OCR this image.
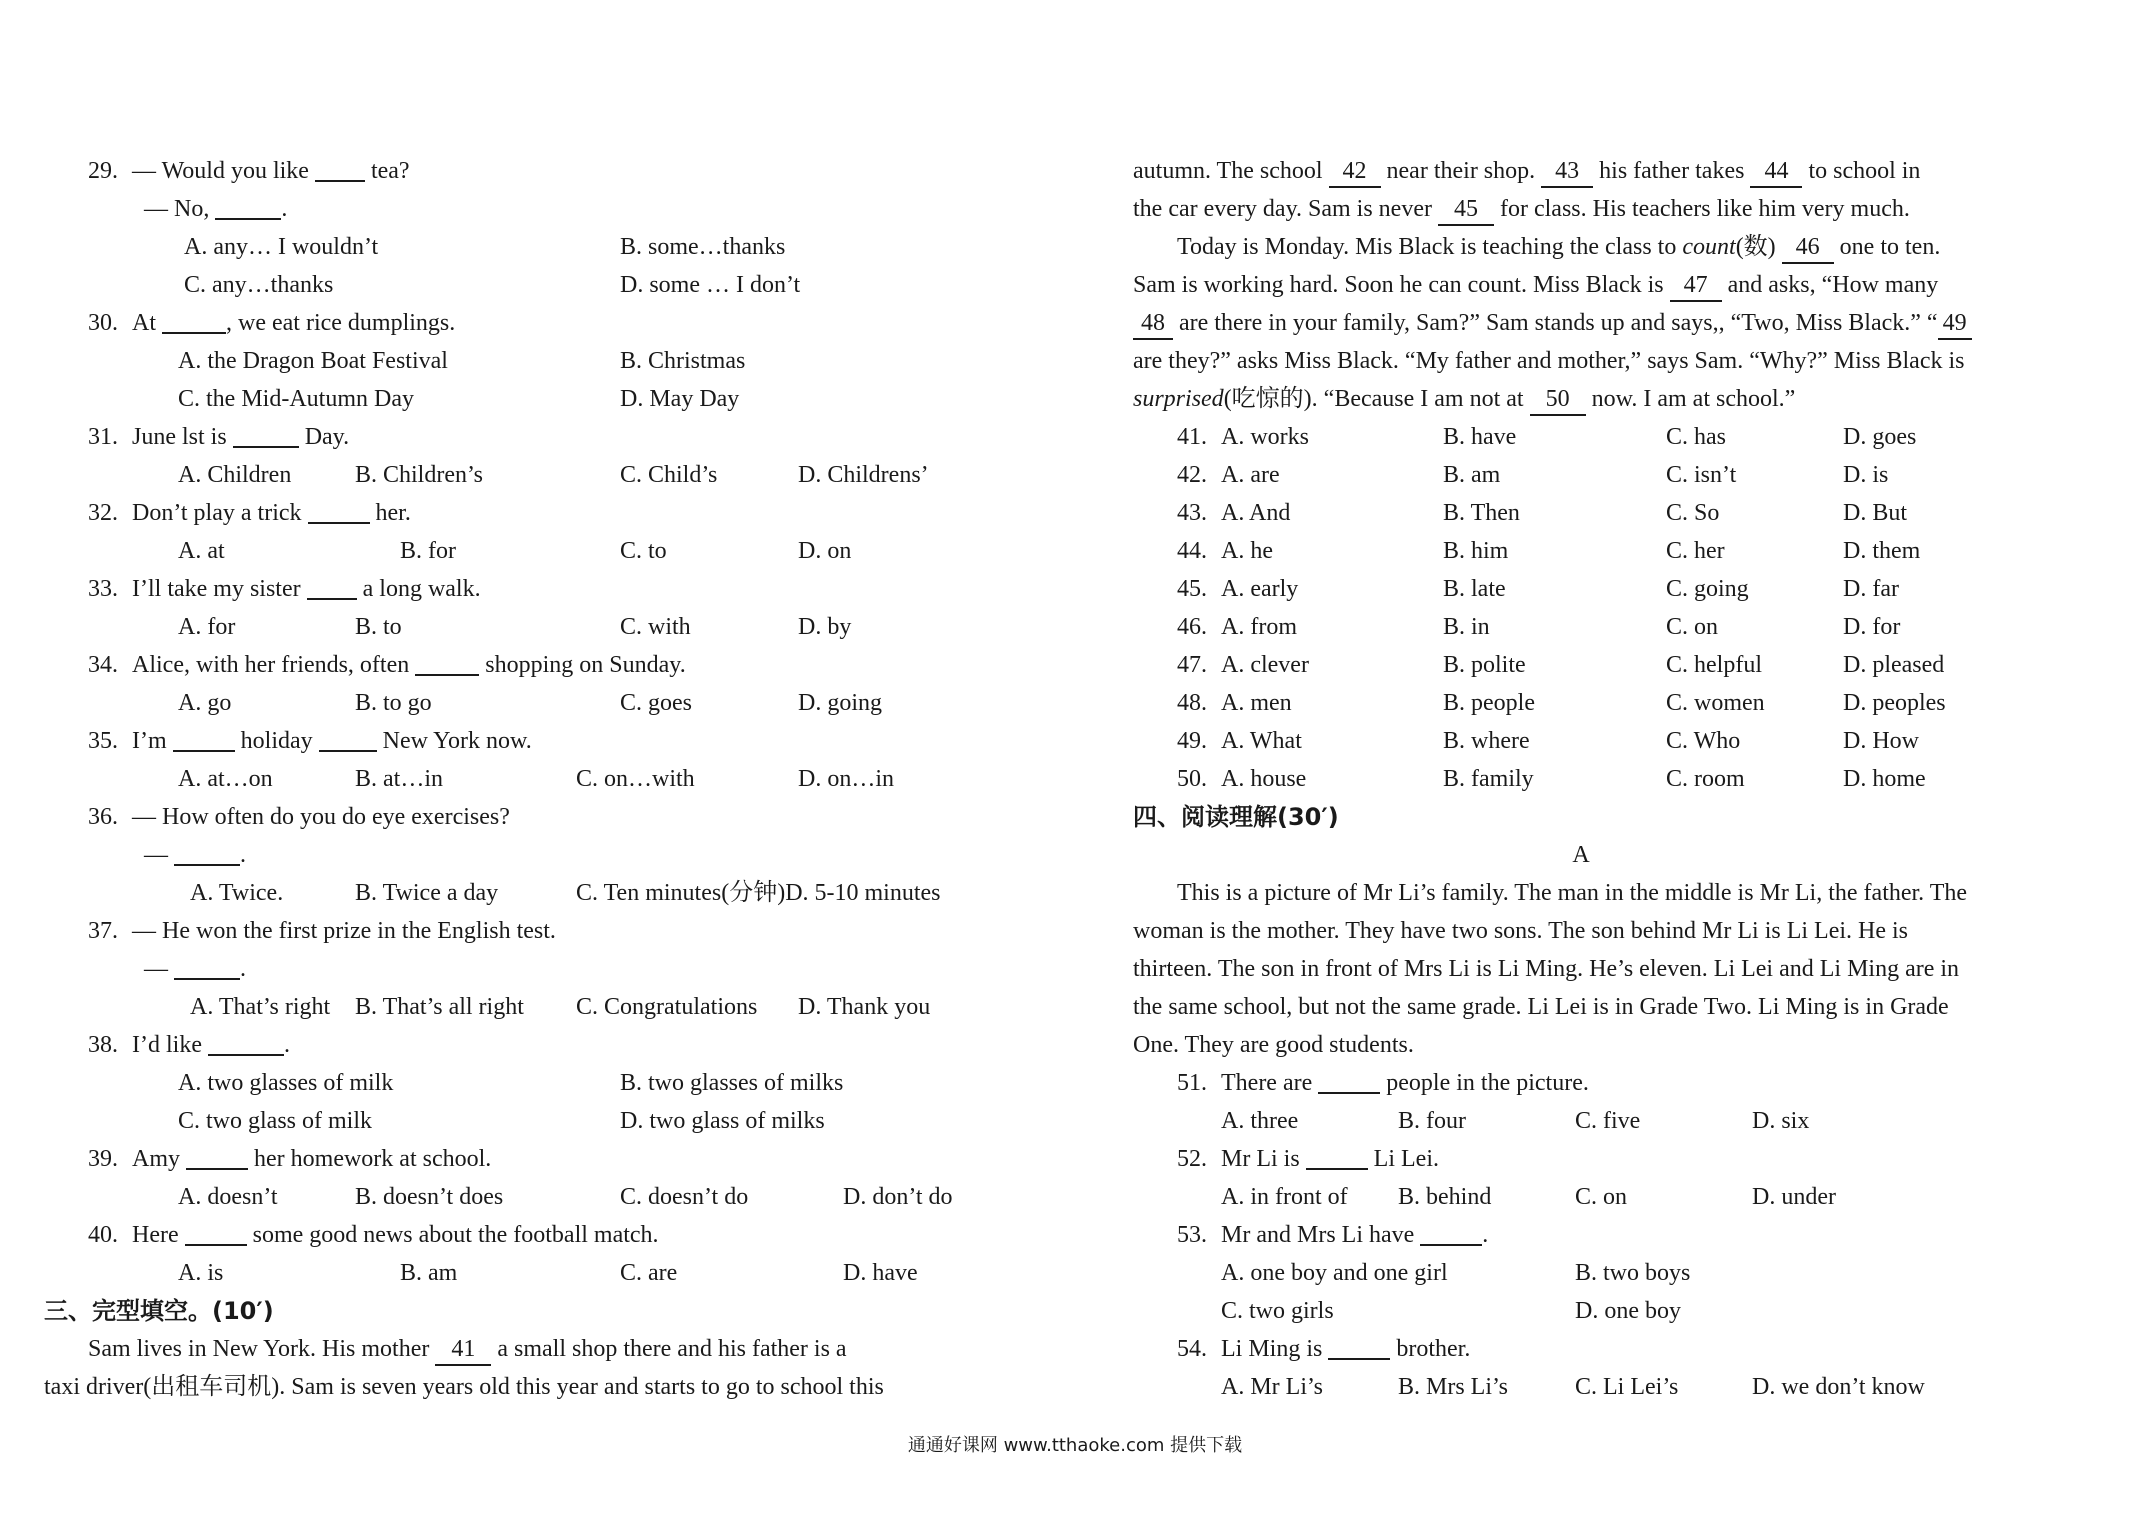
29. — Would you like	tea?
— No,	.
A. any… I wouldn’t	B. some…thanks
C. any…thanks	D. some … I don’t
30. At	, we eat rice dumplings.
A. the Dragon Boat Festival	B. Christmas
C. the Mid-Autumn Day	D. May Day
31. June lst is	Day.
A. Children	B. Children’s	C. Child’s	D. Childrens’
32. Don’t play a trick	her.
A. at	B. for	C. to	D. on
33. I’ll take my sister	a long walk.
A. for	B. to	C. with	D. by
34. Alice, with her friends, often	shopping on Sunday.
A. go	B. to go	C. goes	D. going
35. I’m	holiday	New York now.
A. at…on	B. at…in	C. on…with	D. on…in
36. — How often do you do eye exercises?
—	.
A. Twice.	B. Twice a day	C. Ten minutes(分钟)D. 5-10 minutes
37. — He won the first prize in the English test.
—	.
A. That’s right B. That’s all right C. Congratulations D. Thank you
38. I’d like	.
A. two glasses of milk	B. two glasses of milks
C. two glass of milk	D. two glass of milks
39. Amy	her homework at school.
A. doesn’t	B. doesn’t does	C. doesn’t do	D. don’t do
40. Here	some good news about the football match.
A. is	B. am	C. are	D. have
三、完型填空。(10′)
Sam lives in New York. His mother 41 a small shop there and his father is a
taxi driver(出租车司机). Sam is seven years old this year and starts to go to school this
autumn. The school 42 near their shop. 43 his father takes 44 to school in
the car every day. Sam is never 45 for class. His teachers like him very much.
Today is Monday. Mis Black is teaching the class to count(数) 46 one to ten.
Sam is working hard. Soon he can count. Miss Black is 47 and asks, “How many
48 are there in your family, Sam?” Sam stands up and says,, “Two, Miss Black.” “ 49
are they?” asks Miss Black. “My father and mother,” says Sam. “Why?” Miss Black is
surprised(吃惊的). “Because I am not at 50 now. I am at school.”
41. A. works	B. have	C. has	D. goes
42. A. are	B. am	C. isn’t	D. is
43. A. And	B. Then	C. So	D. But
44. A. he	B. him	C. her	D. them
45. A. early	B. late	C. going	D. far
46. A. from	B. in	C. on	D. for
47. A. clever	B. polite	C. helpful	D. pleased
48. A. men	B. people	C. women	D. peoples
49. A. What	B. where	C. Who	D. How
50. A. house	B. family	C. room	D. home
四、阅读理解(30′)
A
This is a picture of Mr Li’s family. The man in the middle is Mr Li, the father. The
woman is the mother. They have two sons. The son behind Mr Li is Li Lei. He is
thirteen. The son in front of Mrs Li is Li Ming. He’s eleven. Li Lei and Li Ming are in
the same school, but not the same grade. Li Lei is in Grade Two. Li Ming is in Grade
One. They are good students.
51. There are	people in the picture.
A. three	B. four	C. five	D. six
52. Mr Li is	Li Lei.
A. in front of B. behind	C. on	D. under
53. Mr and Mrs Li have	.
A. one boy and one girl	B. two boys
C. two girls	D. one boy
54. Li Ming is	brother.
A. Mr Li’s	B. Mrs Li’s	C. Li Lei’s	D. we don’t know
通通好课网 www.tthaoke.com 提供下载
